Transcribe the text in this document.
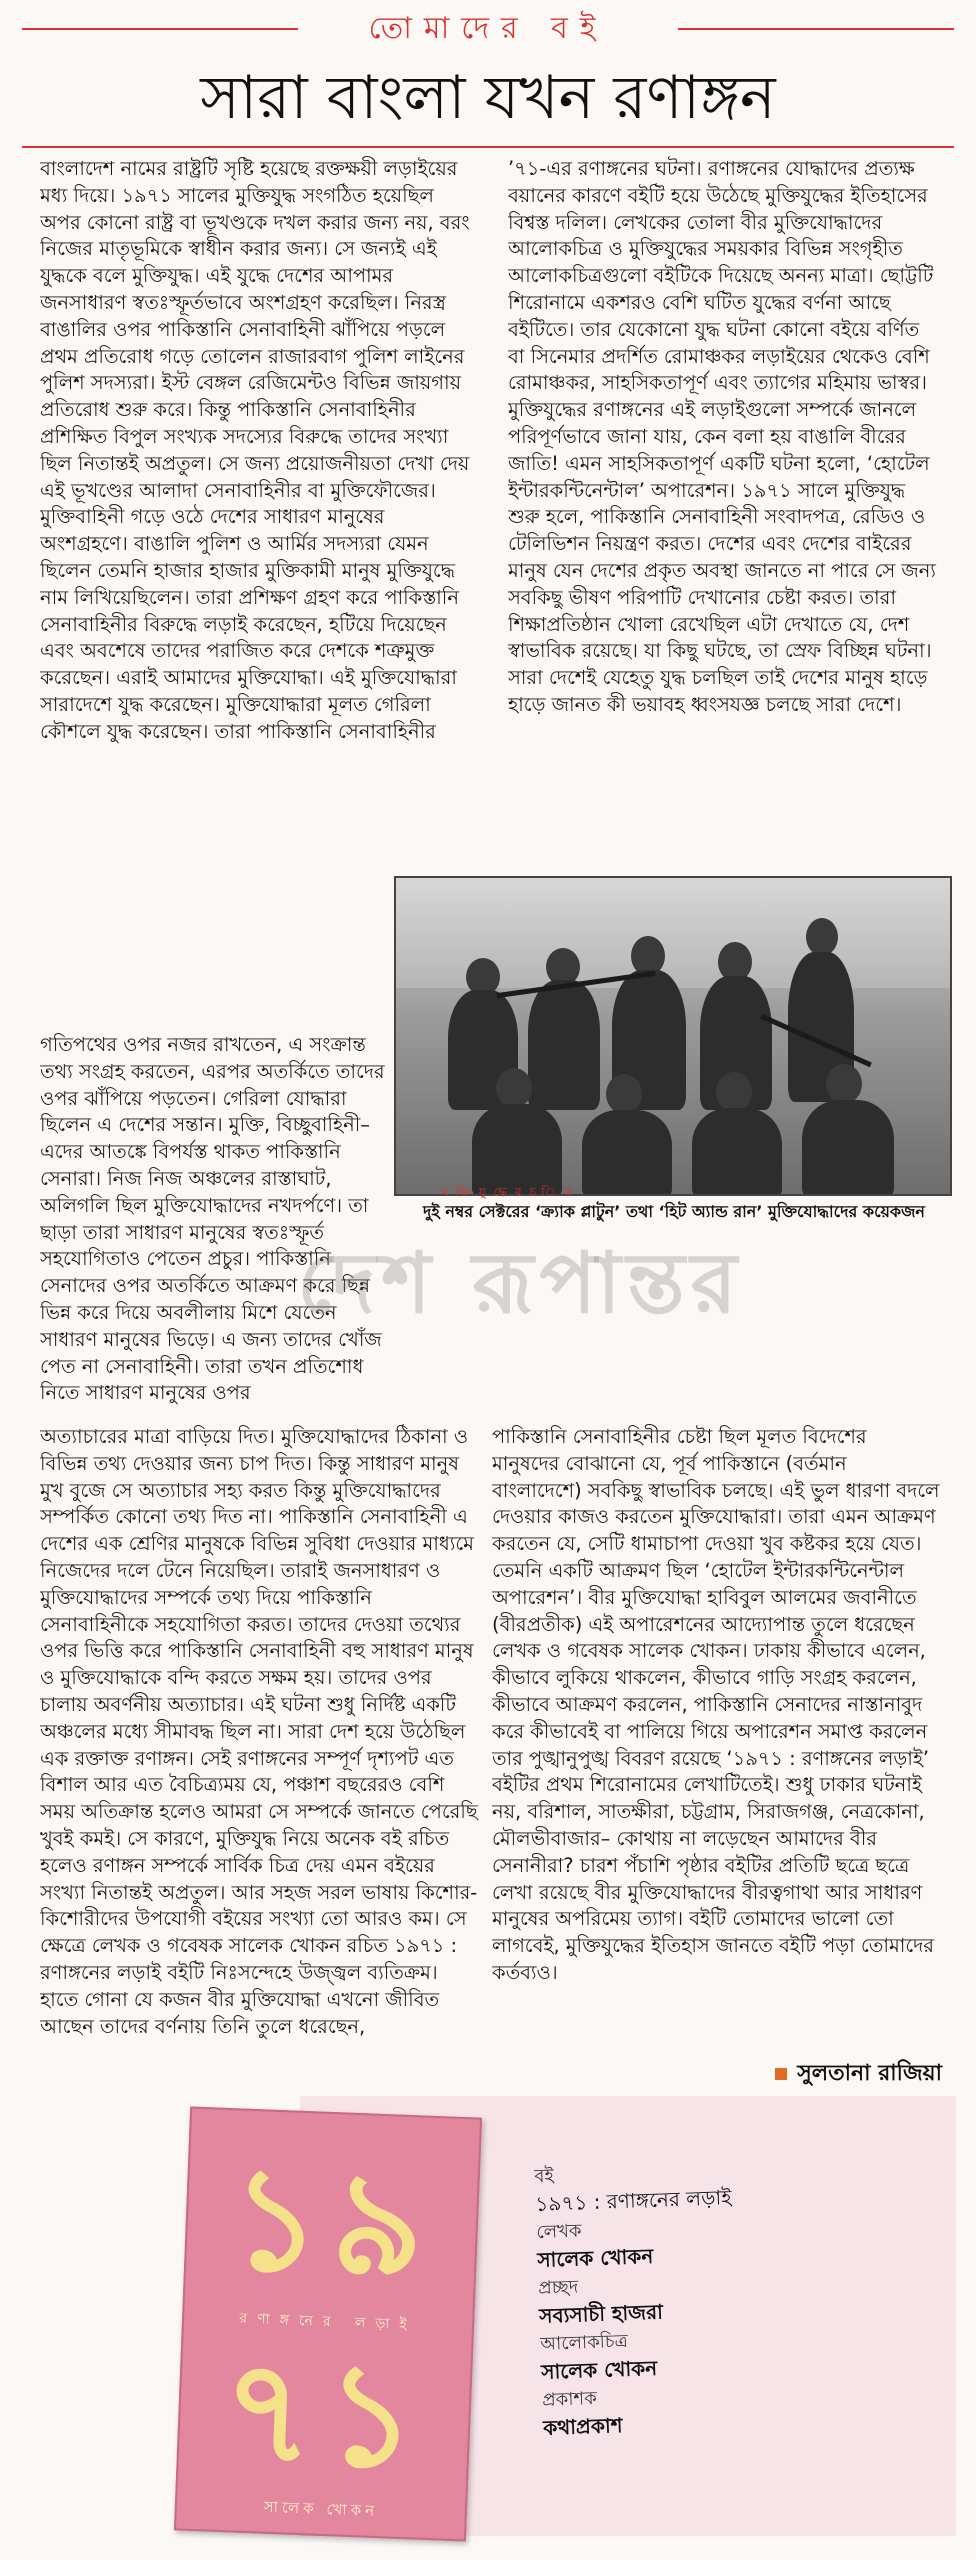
তোমাদের বই
সারা বাংলা যখন রণাঙ্গন

বাংলাদেশ নামের রাষ্ট্রটি সৃষ্টি হয়েছে রক্তক্ষয়ী লড়াইয়ের মধ্য দিয়ে। ১৯৭১ সালের মুক্তিযুদ্ধ সংগঠিত হয়েছিল অপর কোনো রাষ্ট্র বা ভূখণ্ডকে দখল করার জন্য নয়, বরং নিজের মাতৃভূমিকে স্বাধীন করার জন্য। সে জন্যই এই যুদ্ধকে বলে মুক্তিযুদ্ধ। এই যুদ্ধে দেশের আপামর জনসাধারণ স্বতঃস্ফূর্তভাবে অংশগ্রহণ করেছিল। নিরস্ত্র বাঙালির ওপর পাকিস্তানি সেনাবাহিনী ঝাঁপিয়ে পড়লে প্রথম প্রতিরোধ গড়ে তোলেন রাজারবাগ পুলিশ লাইনের পুলিশ সদস্যরা। ইস্ট বেঙ্গল রেজিমেন্টও বিভিন্ন জায়গায় প্রতিরোধ শুরু করে। কিন্তু পাকিস্তানি সেনাবাহিনীর প্রশিক্ষিত বিপুল সংখ্যক সদস্যের বিরুদ্ধে তাদের সংখ্যা ছিল নিতান্তই অপ্রতুল। সে জন্য প্রয়োজনীয়তা দেখা দেয় এই ভূখণ্ডের আলাদা সেনাবাহিনীর বা মুক্তিফৌজের। মুক্তিবাহিনী গড়ে ওঠে দেশের সাধারণ মানুষের অংশগ্রহণে। বাঙালি পুলিশ ও আর্মির সদস্যরা যেমন ছিলেন তেমনি হাজার হাজার মুক্তিকামী মানুষ মুক্তিযুদ্ধে নাম লিখিয়েছিলেন। তারা প্রশিক্ষণ গ্রহণ করে পাকিস্তানি সেনাবাহিনীর বিরুদ্ধে লড়াই করেছেন, হটিয়ে দিয়েছেন এবং অবশেষে তাদের পরাজিত করে দেশকে শত্রুমুক্ত করেছেন। এরাই আমাদের মুক্তিযোদ্ধা। এই মুক্তিযোদ্ধারা সারাদেশে যুদ্ধ করেছেন। মুক্তিযোদ্ধারা মূলত গেরিলা কৌশলে যুদ্ধ করেছেন। তারা পাকিস্তানি সেনাবাহিনীর

গতিপথের ওপর নজর রাখতেন, এ সংক্রান্ত তথ্য সংগ্রহ করতেন, এরপর অতর্কিতে তাদের ওপর ঝাঁপিয়ে পড়তেন। গেরিলা যোদ্ধারা ছিলেন এ দেশের সন্তান। মুক্তি, বিচ্ছুবাহিনী– এদের আতঙ্কে বিপর্যস্ত থাকত পাকিস্তানি সেনারা। নিজ নিজ অঞ্চলের রাস্তাঘাট, অলিগলি ছিল মুক্তিযোদ্ধাদের নখদর্পণে। তা ছাড়া তারা সাধারণ মানুষের স্বতঃস্ফূর্ত সহযোগিতাও পেতেন প্রচুর। পাকিস্তানি সেনাদের ওপর অতর্কিতে আক্রমণ করে ছিন্ন ভিন্ন করে দিয়ে অবলীলায় মিশে যেতেন সাধারণ মানুষের ভিড়ে। এ জন্য তাদের খোঁজ পেত না সেনাবাহিনী। তারা তখন প্রতিশোধ নিতে সাধারণ মানুষের ওপর

অত্যাচারের মাত্রা বাড়িয়ে দিত। মুক্তিযোদ্ধাদের ঠিকানা ও বিভিন্ন তথ্য দেওয়ার জন্য চাপ দিত। কিন্তু সাধারণ মানুষ মুখ বুজে সে অত্যাচার সহ্য করত কিন্তু মুক্তিযোদ্ধাদের সম্পর্কিত কোনো তথ্য দিত না। পাকিস্তানি সেনাবাহিনী এ দেশের এক শ্রেণির মানুষকে বিভিন্ন সুবিধা দেওয়ার মাধ্যমে নিজেদের দলে টেনে নিয়েছিল। তারাই জনসাধারণ ও মুক্তিযোদ্ধাদের সম্পর্কে তথ্য দিয়ে পাকিস্তানি সেনাবাহিনীকে সহযোগিতা করত। তাদের দেওয়া তথ্যের ওপর ভিত্তি করে পাকিস্তানি সেনাবাহিনী বহু সাধারণ মানুষ ও মুক্তিযোদ্ধাকে বন্দি করতে সক্ষম হয়। তাদের ওপর চালায় অবর্ণনীয় অত্যাচার। এই ঘটনা শুধু নির্দিষ্ট একটি অঞ্চলের মধ্যে সীমাবদ্ধ ছিল না। সারা দেশ হয়ে উঠেছিল এক রক্তাক্ত রণাঙ্গন। সেই রণাঙ্গনের সম্পূর্ণ দৃশ্যপট এত বিশাল আর এত বৈচিত্র্যময় যে, পঞ্চাশ বছরেরও বেশি সময় অতিক্রান্ত হলেও আমরা সে সম্পর্কে জানতে পেরেছি খুবই কমই। সে কারণে, মুক্তিযুদ্ধ নিয়ে অনেক বই রচিত হলেও রণাঙ্গন সম্পর্কে সার্বিক চিত্র দেয় এমন বইয়ের সংখ্যা নিতান্তই অপ্রতুল। আর সহজ সরল ভাষায় কিশোর-কিশোরীদের উপযোগী বইয়ের সংখ্যা তো আরও কম। সে ক্ষেত্রে লেখক ও গবেষক সালেক খোকন রচিত ১৯৭১ : রণাঙ্গনের লড়াই বইটি নিঃসন্দেহে উজ্জ্বল ব্যতিক্রম। হাতে গোনা যে কজন বীর মুক্তিযোদ্ধা এখনো জীবিত আছেন তাদের বর্ণনায় তিনি তুলে ধরেছেন,

’৭১-এর রণাঙ্গনের ঘটনা। রণাঙ্গনের যোদ্ধাদের প্রত্যক্ষ বয়ানের কারণে বইটি হয়ে উঠেছে মুক্তিযুদ্ধের ইতিহাসের বিশ্বস্ত দলিল। লেখকের তোলা বীর মুক্তিযোদ্ধাদের আলোকচিত্র ও মুক্তিযুদ্ধের সময়কার বিভিন্ন সংগৃহীত আলোকচিত্রগুলো বইটিকে দিয়েছে অনন্য মাত্রা। ছোট্টটি শিরোনামে একশরও বেশি ঘটিত যুদ্ধের বর্ণনা আছে বইটিতে। তার যেকোনো যুদ্ধ ঘটনা কোনো বইয়ে বর্ণিত বা সিনেমার প্রদর্শিত রোমাঞ্চকর লড়াইয়ের থেকেও বেশি রোমাঞ্চকর, সাহসিকতাপূর্ণ এবং ত্যাগের মহিমায় ভাস্বর। মুক্তিযুদ্ধের রণাঙ্গনের এই লড়াইগুলো সম্পর্কে জানলে পরিপূর্ণভাবে জানা যায়, কেন বলা হয় বাঙালি বীরের জাতি! এমন সাহসিকতাপূর্ণ একটি ঘটনা হলো, ‘হোটেল ইন্টারকন্টিনেন্টাল’ অপারেশন। ১৯৭১ সালে মুক্তিযুদ্ধ শুরু হলে, পাকিস্তানি সেনাবাহিনী সংবাদপত্র, রেডিও ও টেলিভিশন নিয়ন্ত্রণ করত। দেশের এবং দেশের বাইরের মানুষ যেন দেশের প্রকৃত অবস্থা জানতে না পারে সে জন্য সবকিছু ভীষণ পরিপাটি দেখানোর চেষ্টা করত। তারা শিক্ষাপ্রতিষ্ঠান খোলা রেখেছিল এটা দেখাতে যে, দেশ স্বাভাবিক রয়েছে। যা কিছু ঘটছে, তা স্রেফ বিচ্ছিন্ন ঘটনা। সারা দেশেই যেহেতু যুদ্ধ চলছিল তাই দেশের মানুষ হাড়ে হাড়ে জানত কী ভয়াবহ ধ্বংসযজ্ঞ চলছে সারা দেশে।

পাকিস্তানি সেনাবাহিনীর চেষ্টা ছিল মূলত বিদেশের মানুষদের বোঝানো যে, পূর্ব পাকিস্তানে (বর্তমান বাংলাদেশে) সবকিছু স্বাভাবিক চলছে। এই ভুল ধারণা বদলে দেওয়ার কাজও করতেন মুক্তিযোদ্ধারা। তারা এমন আক্রমণ করতেন যে, সেটি ধামাচাপা দেওয়া খুব কষ্টকর হয়ে যেত। তেমনি একটি আক্রমণ ছিল ‘হোটেল ইন্টারকন্টিনেন্টাল অপারেশন’। বীর মুক্তিযোদ্ধা হাবিবুল আলমের জবানীতে (বীরপ্রতীক) এই অপারেশনের আদ্যোপান্ত তুলে ধরেছেন লেখক ও গবেষক সালেক খোকন। ঢাকায় কীভাবে এলেন, কীভাবে লুকিয়ে থাকলেন, কীভাবে গাড়ি সংগ্রহ করলেন, কীভাবে আক্রমণ করলেন, পাকিস্তানি সেনাদের নাস্তানাবুদ করে কীভাবেই বা পালিয়ে গিয়ে অপারেশন সমাপ্ত করলেন তার পুঙ্খানুপুঙ্খ বিবরণ রয়েছে ‘১৯৭১ : রণাঙ্গনের লড়াই’ বইটির প্রথম শিরোনামের লেখাটিতেই। শুধু ঢাকার ঘটনাই নয়, বরিশাল, সাতক্ষীরা, চট্টগ্রাম, সিরাজগঞ্জ, নেত্রকোনা, মৌলভীবাজার– কোথায় না লড়েছেন আমাদের বীর সেনানীরা? চারশ পঁচাশি পৃষ্ঠার বইটির প্রতিটি ছত্রে ছত্রে লেখা রয়েছে বীর মুক্তিযোদ্ধাদের বীরত্বগাথা আর সাধারণ মানুষের অপরিমেয় ত্যাগ। বইটি তোমাদের ভালো তো লাগবেই, মুক্তিযুদ্ধের ইতিহাস জানতে বইটি পড়া তোমাদের কর্তব্যও।

ম ক্তি যু দ্ধে র চ ি ত্র
দুই নম্বর সেক্টরের ‘ক্র্যাক প্লাটুন’ তথা ‘হিট অ্যান্ড রান’ মুক্তিযোদ্ধাদের কয়েকজন
দেশ রূপান্তর
সুলতানা রাজিয়া
১৯
রণাঙ্গনের লড়াই
৭১
সালেক খোকন
বই
১৯৭১ : রণাঙ্গনের লড়াই
লেখক
সালেক খোকন
প্রচ্ছদ
সব্যসাচী হাজরা
আলোকচিত্র
সালেক খোকন
প্রকাশক
কথাপ্রকাশ
